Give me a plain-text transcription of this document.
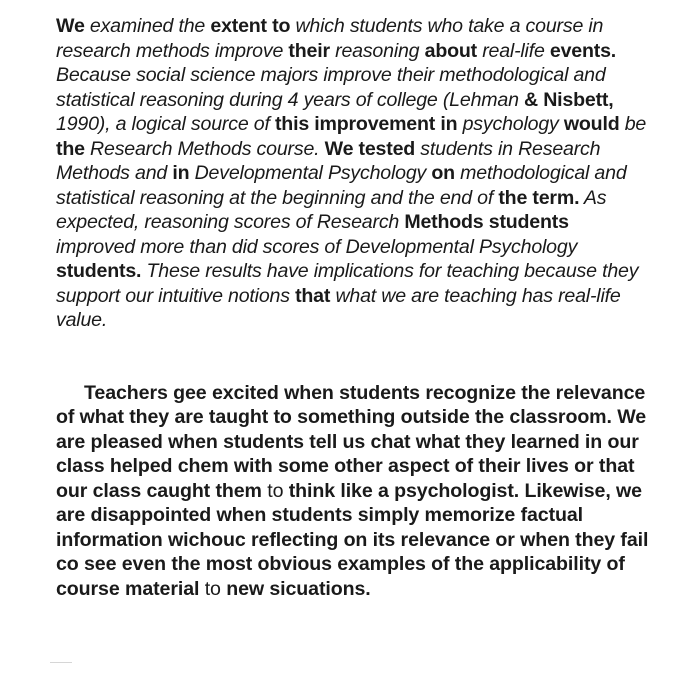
We examined the extent to which students who take a course in research methods improve their reasoning about real-life events. Because social science majors improve their methodological and statistical reasoning during 4 years of college (Lehman & Nisbett, 1990), a logical source of this improvement in psychology would be the Research Methods course. We tested students in Research Methods and in Developmental Psychology on methodological and statistical reasoning at the beginning and the end of the term. As expected, reasoning scores of Research Methods students improved more than did scores of Developmental Psychology students. These results have implications for teaching because they support our intuitive notions that what we are teaching has real-life value.

Teachers gee excited when students recognize the relevance of what they are taught to something outside the classroom. We are pleased when students tell us chat what they learned in our class helped chem with some other aspect of their lives or that our class caught them to think like a psychologist. Likewise, we are disappointed when students simply memorize factual information wichouc reflecting on its relevance or when they fail co see even the most obvious examples of the applicability of course material to new sicuations.
